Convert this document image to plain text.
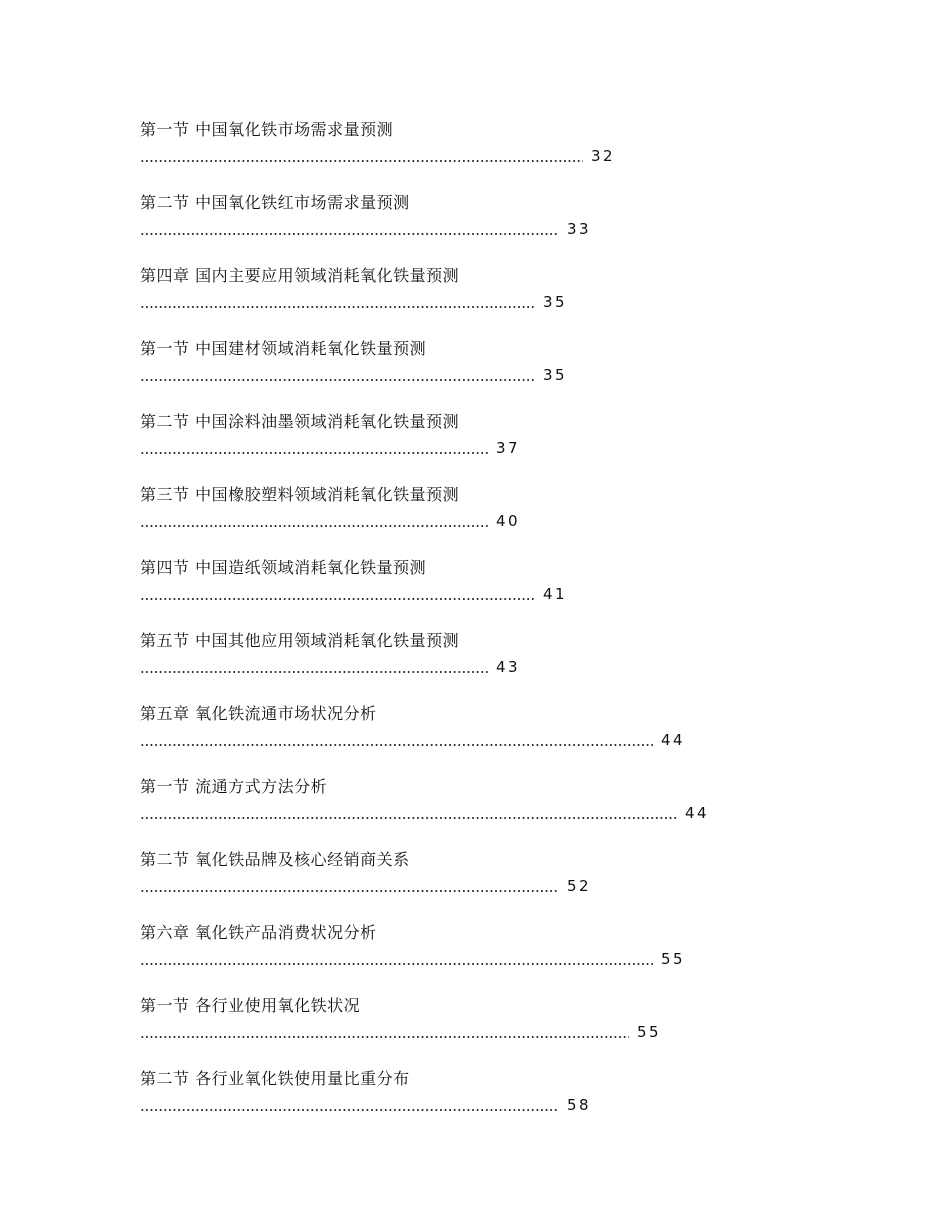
第一节 中国氧化铁市场需求量预测
32
第二节 中国氧化铁红市场需求量预测
33
第四章 国内主要应用领域消耗氧化铁量预测
35
第一节 中国建材领域消耗氧化铁量预测
35
第二节 中国涂料油墨领域消耗氧化铁量预测
37
第三节 中国橡胶塑料领域消耗氧化铁量预测
40
第四节 中国造纸领域消耗氧化铁量预测
41
第五节 中国其他应用领域消耗氧化铁量预测
43
第五章 氧化铁流通市场状况分析
44
第一节 流通方式方法分析
44
第二节 氧化铁品牌及核心经销商关系
52
第六章 氧化铁产品消费状况分析
55
第一节 各行业使用氧化铁状况
55
第二节 各行业氧化铁使用量比重分布
58
